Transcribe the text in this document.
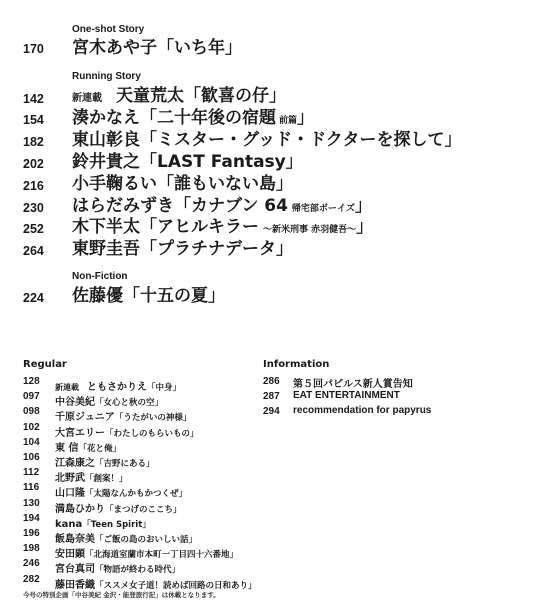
One-shot Story
170 宮木あや子「いち年」
Running Story
142	新連載 天童荒太「歓喜の仔」
154 湊かなえ「二十年後の宿題 前篇」
182 東山彰良「ミスター・グッド・ドクターを探して」
202 鈴井貴之「LAST Fantasy」
216 小手鞠るい「誰もいない島」
230 はらだみずき「カナブン 64 帰宅部ボーイズ」
252 木下半太「アヒルキラー 〜新米刑事 赤羽健吾〜」
264 東野圭吾「プラチナデータ」
Non-Fiction
224 佐藤優「十五の夏」
Regular
128
新連載 ともさかりえ「中身」
097
中谷美紀「女心と秋の空」
098
千原ジュニア「うたがいの神様」
102
大宮エリー「わたしのもらいもの」
104
東 信「花と俺」
106
江森康之「吉野にある」
112
北野武「創案！」
116
山口隆「太陽なんかもかつくぜ」
130
満島ひかり「まつげのここち」
194
kana「Teen Spirit」
196
飯島奈美「ご飯の島のおいしい話」
198
安田顕「北海道室蘭市本町一丁目四十六番地」
246
宮台真司「物語が終わる時代」
282
藤田香織「ススメ女子道！読めば回路の日和あり」
Information
286 第５回パピルス新人賞告知
287 EAT ENTERTAINMENT
294 recommendation for papyrus
今号の特別企画「中谷美紀 金沢・能登旅行記」は休載となります。
